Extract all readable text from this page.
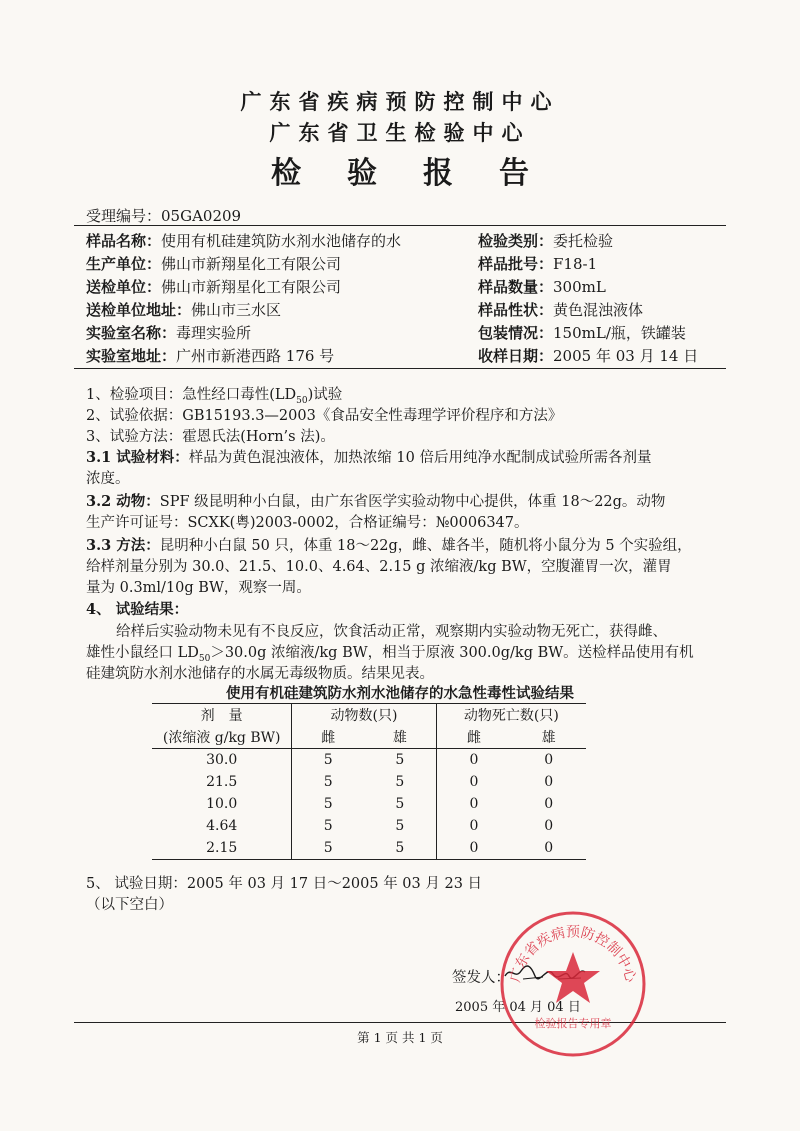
广东省疾病预防控制中心
广东省卫生检验中心
检验报告
受理编号：05GA0209
样品名称：使用有机硅建筑防水剂水池储存的水
生产单位：佛山市新翔星化工有限公司
送检单位：佛山市新翔星化工有限公司
送检单位地址：佛山市三水区
实验室名称：毒理实验所
实验室地址：广州市新港西路 176 号
检验类别：委托检验
样品批号：F18-1
样品数量：300mL
样品性状：黄色混浊液体
包装情况：150mL/瓶，铁罐装
收样日期：2005 年 03 月 14 日
1、检验项目：急性经口毒性$(LD_{50})$试验
2、试验依据：GB15193.3—2003《食品安全性毒理学评价程序和方法》
3、试验方法：霍恩氏法(Horn’s 法)。
3.1 试验材料：样品为黄色混浊液体，加热浓缩 10 倍后用纯净水配制成试验所需各剂量
浓度。
3.2 动物：SPF 级昆明种小白鼠，由广东省医学实验动物中心提供，体重 18～22g。动物
生产许可证号：SCXK(粤)2003-0002，合格证编号：№0006347。
3.3 方法：昆明种小白鼠 50 只，体重 18～22g，雌、雄各半，随机将小鼠分为 5 个实验组，
给样剂量分别为 30.0、21.5、10.0、4.64、2.15 g 浓缩液/kg BW，空腹灌胃一次，灌胃
量为 0.3ml/10g BW，观察一周。
4、 试验结果：
给样后实验动物未见有不良反应，饮食活动正常，观察期内实验动物无死亡，获得雌、
雄性小鼠经口 $LD_{50}>30.0g$ 浓缩液/kg BW，相当于原液 300.0g/kg BW。送检样品使用有机
硅建筑防水剂水池储存的水属无毒级物质。结果见表。
使用有机硅建筑防水剂水池储存的水急性毒性试验结果
剂　量	动物数(只)		动物死亡数(只)	
(浓缩液 g/kg BW)	雌	雄	雌	雄
30.0	5	5	0	0
21.5	5	5	0	0
10.0	5	5	0	0
4.64	5	5	0	0
2.15	5	5	0	0
5、 试验日期：2005 年 03 月 17 日～2005 年 03 月 23 日
（以下空白）
签发人：
2005 年 04 月 04 日
第 1 页 共 1 页
广东省疾病预防控制中心
检验报告专用章
